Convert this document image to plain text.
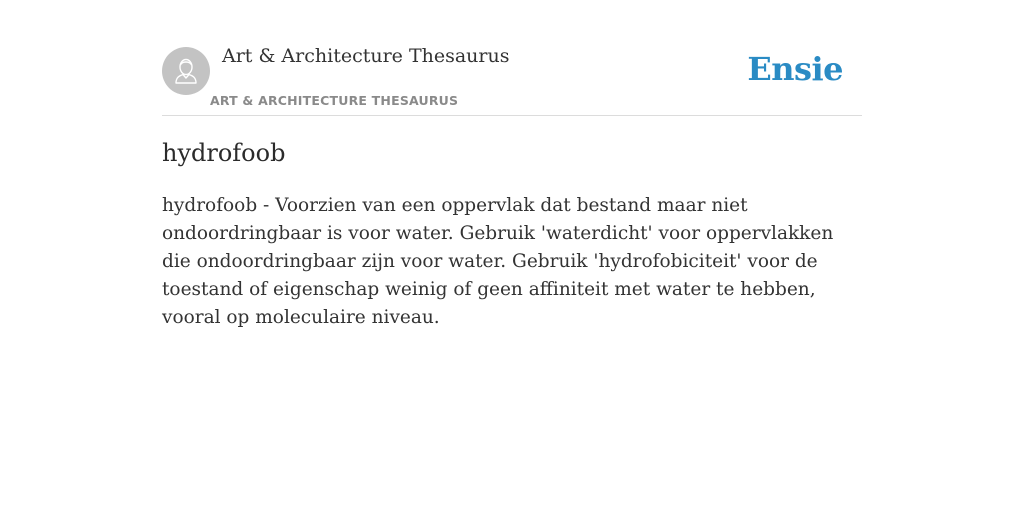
Art & Architecture Thesaurus
ART & ARCHITECTURE THESAURUS
Ensie
hydrofoob

hydrofoob - Voorzien van een oppervlak dat bestand maar niet ondoordringbaar is voor water. Gebruik 'waterdicht' voor oppervlakken die ondoordringbaar zijn voor water. Gebruik 'hydrofobiciteit' voor de toestand of eigenschap weinig of geen affiniteit met water te hebben, vooral op moleculaire niveau.
